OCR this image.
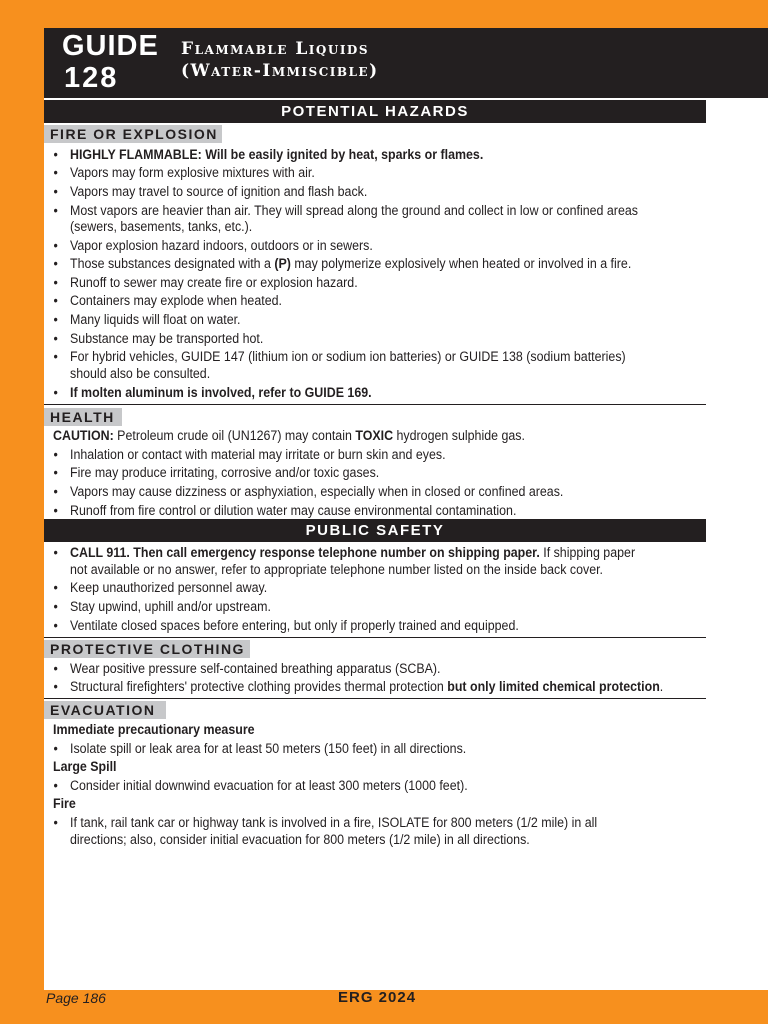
GUIDE
128
Flammable Liquids
(Water-Immiscible)
POTENTIAL HAZARDS
FIRE OR EXPLOSION
• HIGHLY FLAMMABLE: Will be easily ignited by heat, sparks or flames.
• Vapors may form explosive mixtures with air.
• Vapors may travel to source of ignition and flash back.
• Most vapors are heavier than air. They will spread along the ground and collect in low or confined areas
(sewers, basements, tanks, etc.).
• Vapor explosion hazard indoors, outdoors or in sewers.
• Those substances designated with a (P) may polymerize explosively when heated or involved in a fire.
• Runoff to sewer may create fire or explosion hazard.
• Containers may explode when heated.
• Many liquids will float on water.
• Substance may be transported hot.
• For hybrid vehicles, GUIDE 147 (lithium ion or sodium ion batteries) or GUIDE 138 (sodium batteries)
should also be consulted.
• If molten aluminum is involved, refer to GUIDE 169.
HEALTH
CAUTION: Petroleum crude oil (UN1267) may contain TOXIC hydrogen sulphide gas.
• Inhalation or contact with material may irritate or burn skin and eyes.
• Fire may produce irritating, corrosive and/or toxic gases.
• Vapors may cause dizziness or asphyxiation, especially when in closed or confined areas.
• Runoff from fire control or dilution water may cause environmental contamination.
PUBLIC SAFETY
• CALL 911. Then call emergency response telephone number on shipping paper. If shipping paper
not available or no answer, refer to appropriate telephone number listed on the inside back cover.
• Keep unauthorized personnel away.
• Stay upwind, uphill and/or upstream.
• Ventilate closed spaces before entering, but only if properly trained and equipped.
PROTECTIVE CLOTHING
• Wear positive pressure self-contained breathing apparatus (SCBA).
• Structural firefighters' protective clothing provides thermal protection but only limited chemical protection.
EVACUATION
Immediate precautionary measure
• Isolate spill or leak area for at least 50 meters (150 feet) in all directions.
Large Spill
• Consider initial downwind evacuation for at least 300 meters (1000 feet).
Fire
• If tank, rail tank car or highway tank is involved in a fire, ISOLATE for 800 meters (1/2 mile) in all
directions; also, consider initial evacuation for 800 meters (1/2 mile) in all directions.
Page 186	ERG 2024
